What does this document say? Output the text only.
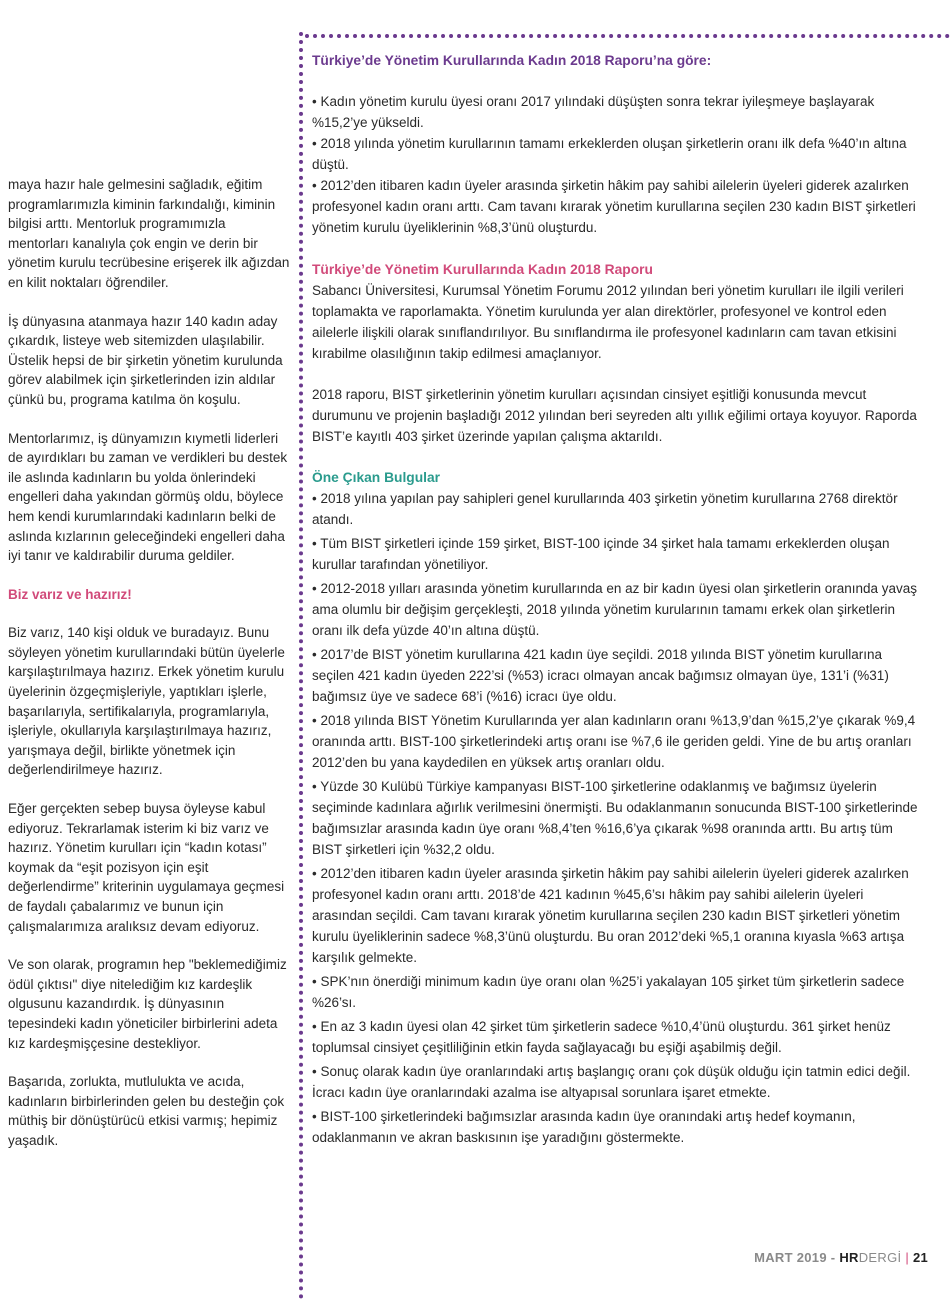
maya hazır hale gelmesini sağladık, eğitim programlarımızla kiminin farkındalığı, kiminin bilgisi arttı. Mentorluk programımızla mentorları kanalıyla çok engin ve derin bir yönetim kurulu tecrübesine erişerek ilk ağızdan en kilit noktaları öğrendiler.

İş dünyasına atanmaya hazır 140 kadın aday çıkardık, listeye web sitemizden ulaşılabilir. Üstelik hepsi de bir şirketin yönetim kurulunda görev alabilmek için şirketlerinden izin aldılar çünkü bu, programa katılma ön koşulu.

Mentorlarımız, iş dünyamızın kıymetli liderleri de ayırdıkları bu zaman ve verdikleri bu destek ile aslında kadınların bu yolda önlerindeki engelleri daha yakından görmüş oldu, böylece hem kendi kurumlarındaki kadınların belki de aslında kızlarının geleceğindeki engelleri daha iyi tanır ve kaldırabilir duruma geldiler.

Biz varız ve hazırız!

Biz varız, 140 kişi olduk ve buradayız. Bunu söyleyen yönetim kurullarındaki bütün üyelerle karşılaştırılmaya hazırız. Erkek yönetim kurulu üyelerinin özgeçmişleriyle, yaptıkları işlerle, başarılarıyla, sertifikalarıyla, programlarıyla, işleriyle, okullarıyla karşılaştırılmaya hazırız, yarışmaya değil, birlikte yönetmek için değerlendirilmeye hazırız.

Eğer gerçekten sebep buysa öyleyse kabul ediyoruz. Tekrarlamak isterim ki biz varız ve hazırız. Yönetim kurulları için “kadın kotası” koymak da “eşit pozisyon için eşit değerlendirme” kriterinin uygulamaya geçmesi de faydalı çabalarımız ve bunun için çalışmalarımıza aralıksız devam ediyoruz.

Ve son olarak, programın hep "beklemediğimiz ödül çıktısı" diye nitelediğim kız kardeşlik olgusunu kazandırdık. İş dünyasının tepesindeki kadın yöneticiler birbirlerini adeta kız kardeşmişçesine destekliyor.

Başarıda, zorlukta, mutlulukta ve acıda, kadınların birbirlerinden gelen bu desteğin çok müthiş bir dönüştürücü etkisi varmış; hepimiz yaşadık.

Türkiye’de Yönetim Kurullarında Kadın 2018 Raporu’na göre:

• Kadın yönetim kurulu üyesi oranı 2017 yılındaki düşüşten sonra tekrar iyileşmeye başlayarak %15,2’ye yükseldi.

• 2018 yılında yönetim kurullarının tamamı erkeklerden oluşan şirketlerin oranı ilk defa %40’ın altına düştü.

• 2012’den itibaren kadın üyeler arasında şirketin hâkim pay sahibi ailelerin üyeleri giderek azalırken profesyonel kadın oranı arttı. Cam tavanı kırarak yönetim kurullarına seçilen 230 kadın BIST şirketleri yönetim kurulu üyeliklerinin %8,3’ünü oluşturdu.

Türkiye’de Yönetim Kurullarında Kadın 2018 Raporu

Sabancı Üniversitesi, Kurumsal Yönetim Forumu 2012 yılından beri yönetim kurulları ile ilgili verileri toplamakta ve raporlamakta. Yönetim kurulunda yer alan direktörler, profesyonel ve kontrol eden ailelerle ilişkili olarak sınıflandırılıyor. Bu sınıflandırma ile profesyonel kadınların cam tavan etkisini kırabilme olasılığının takip edilmesi amaçlanıyor.

2018 raporu, BIST şirketlerinin yönetim kurulları açısından cinsiyet eşitliği konusunda mevcut durumunu ve projenin başladığı 2012 yılından beri seyreden altı yıllık eğilimi ortaya koyuyor. Raporda BIST’e kayıtlı 403 şirket üzerinde yapılan çalışma aktarıldı.

Öne Çıkan Bulgular

• 2018 yılına yapılan pay sahipleri genel kurullarında 403 şirketin yönetim kurullarına 2768 direktör atandı.

• Tüm BIST şirketleri içinde 159 şirket, BIST-100 içinde 34 şirket hala tamamı erkeklerden oluşan kurullar tarafından yönetiliyor.

• 2012-2018 yılları arasında yönetim kurullarında en az bir kadın üyesi olan şirketlerin oranında yavaş ama olumlu bir değişim gerçekleşti, 2018 yılında yönetim kurularının tamamı erkek olan şirketlerin oranı ilk defa yüzde 40’ın altına düştü.

• 2017’de BIST yönetim kurullarına 421 kadın üye seçildi. 2018 yılında BIST yönetim kurullarına seçilen 421 kadın üyeden 222’si (%53) icracı olmayan ancak bağımsız olmayan üye, 131’i (%31) bağımsız üye ve sadece 68’i (%16) icracı üye oldu.

• 2018 yılında BIST Yönetim Kurullarında yer alan kadınların oranı %13,9’dan %15,2’ye çıkarak %9,4 oranında arttı. BIST-100 şirketlerindeki artış oranı ise %7,6 ile geriden geldi. Yine de bu artış oranları 2012’den bu yana kaydedilen en yüksek artış oranları oldu.

• Yüzde 30 Kulübü Türkiye kampanyası BIST-100 şirketlerine odaklanmış ve bağımsız üyelerin seçiminde kadınlara ağırlık verilmesini önermişti. Bu odaklanmanın sonucunda BIST-100 şirketlerinde bağımsızlar arasında kadın üye oranı %8,4’ten %16,6’ya çıkarak %98 oranında arttı. Bu artış tüm BIST şirketleri için %32,2 oldu.

• 2012’den itibaren kadın üyeler arasında şirketin hâkim pay sahibi ailelerin üyeleri giderek azalırken profesyonel kadın oranı arttı. 2018’de 421 kadının %45,6’sı hâkim pay sahibi ailelerin üyeleri arasından seçildi. Cam tavanı kırarak yönetim kurullarına seçilen 230 kadın BIST şirketleri yönetim kurulu üyeliklerinin sadece %8,3’ünü oluşturdu. Bu oran 2012’deki %5,1 oranına kıyasla %63 artışa karşılık gelmekte.

• SPK’nın önerdiği minimum kadın üye oranı olan %25’i yakalayan 105 şirket tüm şirketlerin sadece %26’sı.

• En az 3 kadın üyesi olan 42 şirket tüm şirketlerin sadece %10,4’ünü oluşturdu. 361 şirket henüz toplumsal cinsiyet çeşitliliğinin etkin fayda sağlayacağı bu eşiği aşabilmiş değil.

• Sonuç olarak kadın üye oranlarındaki artış başlangıç oranı çok düşük olduğu için tatmin edici değil. İcracı kadın üye oranlarındaki azalma ise altyapısal sorunlara işaret etmekte.

• BIST-100 şirketlerindeki bağımsızlar arasında kadın üye oranındaki artış hedef koymanın, odaklanmanın ve akran baskısının işe yaradığını göstermekte.

MART 2019 - HRDERGİ | 21
